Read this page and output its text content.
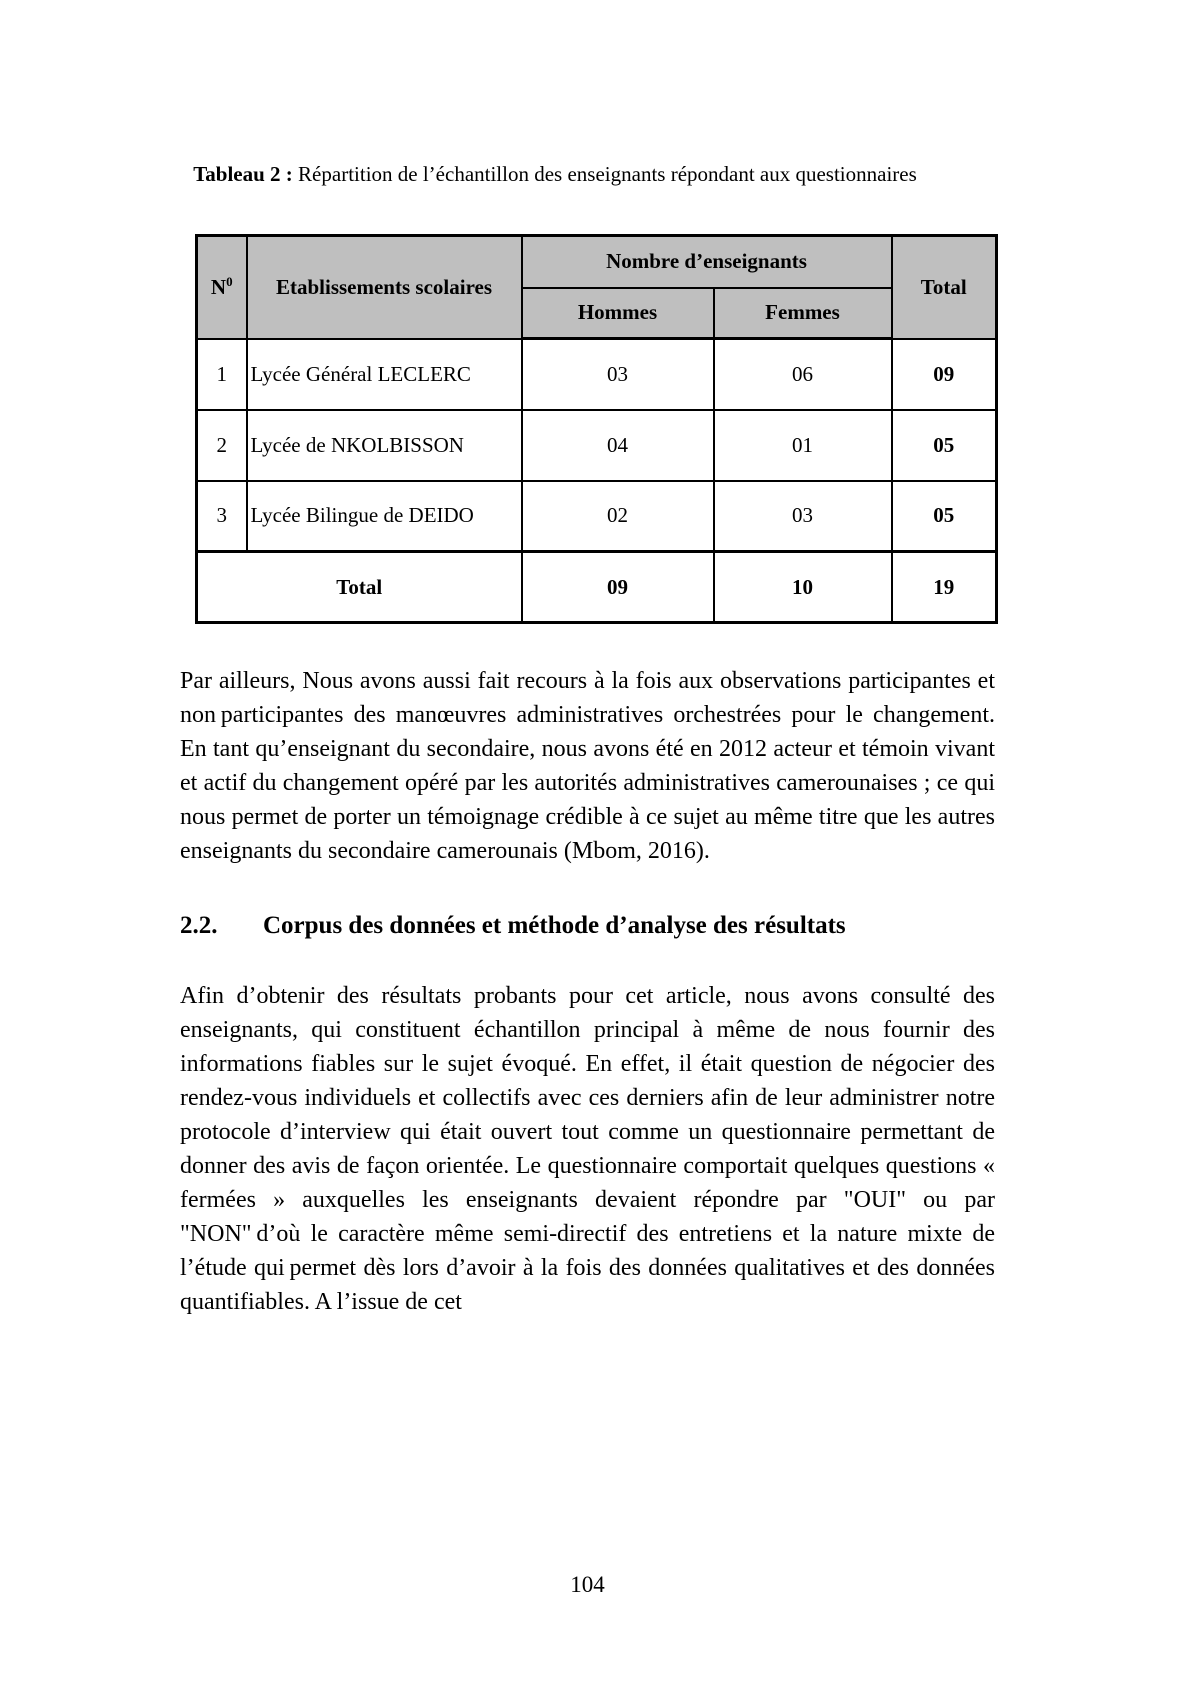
Tableau 2 : Répartition de l’échantillon des enseignants répondant aux questionnaires
$N^0$	Etablissements scolaires	Nombre d’enseignants		Total
		Hommes	Femmes	
1	Lycée Général LECLERC	03	06	09
2	Lycée de NKOLBISSON	04	01	05
3	Lycée Bilingue de DEIDO	02	03	05
Total		09	10	19

Par ailleurs, Nous avons aussi fait recours à la fois aux observations participantes et non participantes des manœuvres administratives orchestrées pour le changement. En tant qu’enseignant du secondaire, nous avons été en 2012 acteur et témoin vivant et actif du changement opéré par les autorités administratives camerounaises ; ce qui nous permet de porter un témoignage crédible à ce sujet au même titre que les autres enseignants du secondaire camerounais (Mbom, 2016).

2.2.	Corpus des données et méthode d’analyse des résultats

Afin d’obtenir des résultats probants pour cet article, nous avons consulté des enseignants, qui constituent échantillon principal à même de nous fournir des informations fiables sur le sujet évoqué. En effet, il était question de négocier des rendez-vous individuels et collectifs avec ces derniers afin de leur administrer notre protocole d’interview qui était ouvert tout comme un questionnaire permettant de donner des avis de façon orientée. Le questionnaire comportait quelques questions « fermées » auxquelles les enseignants devaient répondre par "OUI" ou par "NON" d’où le caractère même semi-directif des entretiens et la nature mixte de l’étude qui permet dès lors d’avoir à la fois des données qualitatives et des données quantifiables. A l’issue de cet

104
